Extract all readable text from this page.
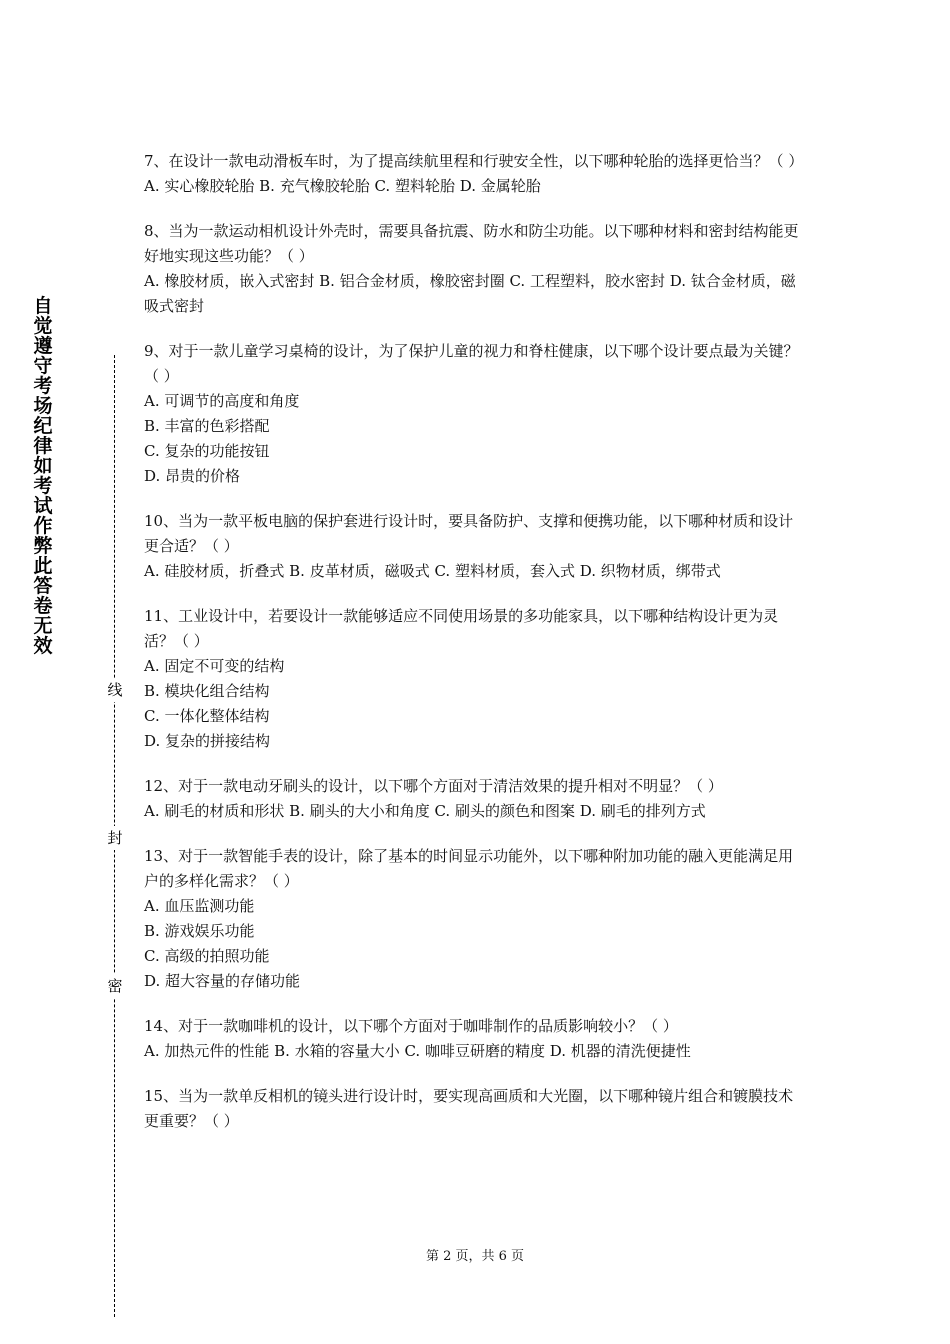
自觉遵守考场纪律如考试作弊此答卷无效
线
封
密

7、在设计一款电动滑板车时，为了提高续航里程和行驶安全性，以下哪种轮胎的选择更恰当？（ ）

A. 实心橡胶轮胎 B. 充气橡胶轮胎 C. 塑料轮胎 D. 金属轮胎

8、当为一款运动相机设计外壳时，需要具备抗震、防水和防尘功能。以下哪种材料和密封结构能更好地实现这些功能？（ ）

A. 橡胶材质，嵌入式密封 B. 铝合金材质，橡胶密封圈 C. 工程塑料，胶水密封 D. 钛合金材质，磁吸式密封

9、对于一款儿童学习桌椅的设计，为了保护儿童的视力和脊柱健康，以下哪个设计要点最为关键？（ ）

A. 可调节的高度和角度

B. 丰富的色彩搭配

C. 复杂的功能按钮

D. 昂贵的价格

10、当为一款平板电脑的保护套进行设计时，要具备防护、支撑和便携功能，以下哪种材质和设计更合适？（ ）

A. 硅胶材质，折叠式 B. 皮革材质，磁吸式 C. 塑料材质，套入式 D. 织物材质，绑带式

11、工业设计中，若要设计一款能够适应不同使用场景的多功能家具，以下哪种结构设计更为灵活？（ ）

A. 固定不可变的结构

B. 模块化组合结构

C. 一体化整体结构

D. 复杂的拼接结构

12、对于一款电动牙刷头的设计，以下哪个方面对于清洁效果的提升相对不明显？（ ）

A. 刷毛的材质和形状 B. 刷头的大小和角度 C. 刷头的颜色和图案 D. 刷毛的排列方式

13、对于一款智能手表的设计，除了基本的时间显示功能外，以下哪种附加功能的融入更能满足用户的多样化需求？（ ）

A. 血压监测功能

B. 游戏娱乐功能

C. 高级的拍照功能

D. 超大容量的存储功能

14、对于一款咖啡机的设计，以下哪个方面对于咖啡制作的品质影响较小？（ ）

A. 加热元件的性能 B. 水箱的容量大小 C. 咖啡豆研磨的精度 D. 机器的清洗便捷性

15、当为一款单反相机的镜头进行设计时，要实现高画质和大光圈，以下哪种镜片组合和镀膜技术更重要？（ ）

第 2 页，共 6 页
